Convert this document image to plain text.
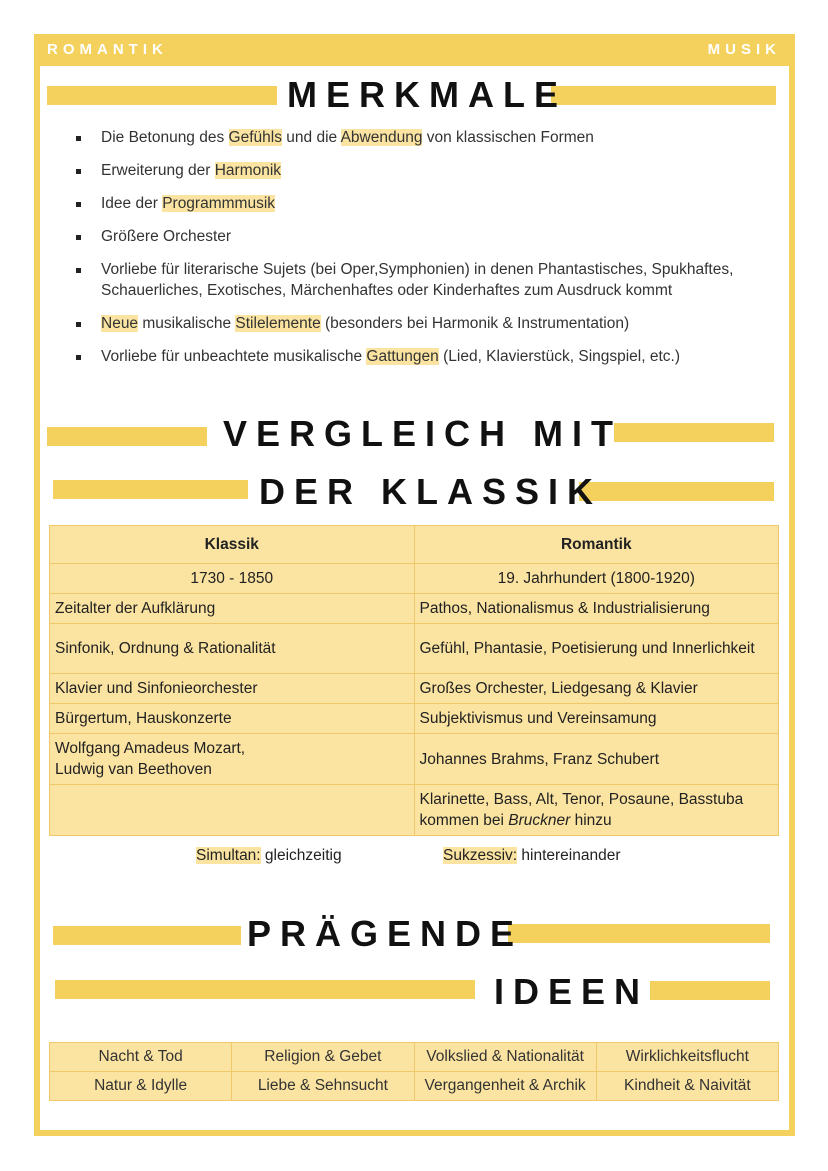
ROMANTIK	MUSIK
MERKMALE
Die Betonung des Gefühls und die Abwendung von klassischen Formen
Erweiterung der Harmonik
Idee der Programmmusik
Größere Orchester
Vorliebe für literarische Sujets (bei Oper,Symphonien) in denen Phantastisches, Spukhaftes, Schauerliches, Exotisches, Märchenhaftes oder Kinderhaftes zum Ausdruck kommt
Neue musikalische Stilelemente (besonders bei Harmonik & Instrumentation)
Vorliebe für unbeachtete musikalische Gattungen (Lied, Klavierstück, Singspiel, etc.)
VERGLEICH MIT
DER KLASSIK
Klassik	Romantik
1730 - 1850	19. Jahrhundert (1800-1920)
Zeitalter der Aufklärung	Pathos, Nationalismus & Industrialisierung
Sinfonik, Ordnung & Rationalität	Gefühl, Phantasie, Poetisierung und Innerlichkeit
Klavier und Sinfonieorchester	Großes Orchester, Liedgesang & Klavier
Bürgertum, Hauskonzerte	Subjektivismus und Vereinsamung
Wolfgang Amadeus Mozart,
Ludwig van Beethoven	Johannes Brahms, Franz Schubert
	Klarinette, Bass, Alt, Tenor, Posaune, Basstuba kommen bei Bruckner hinzu
Simultan: gleichzeitig	Sukzessiv: hintereinander
PRÄGENDE
IDEEN
Nacht & Tod	Religion & Gebet	Volkslied & Nationalität	Wirklichkeitsflucht
Natur & Idylle	Liebe & Sehnsucht	Vergangenheit & Archik	Kindheit & Naivität
